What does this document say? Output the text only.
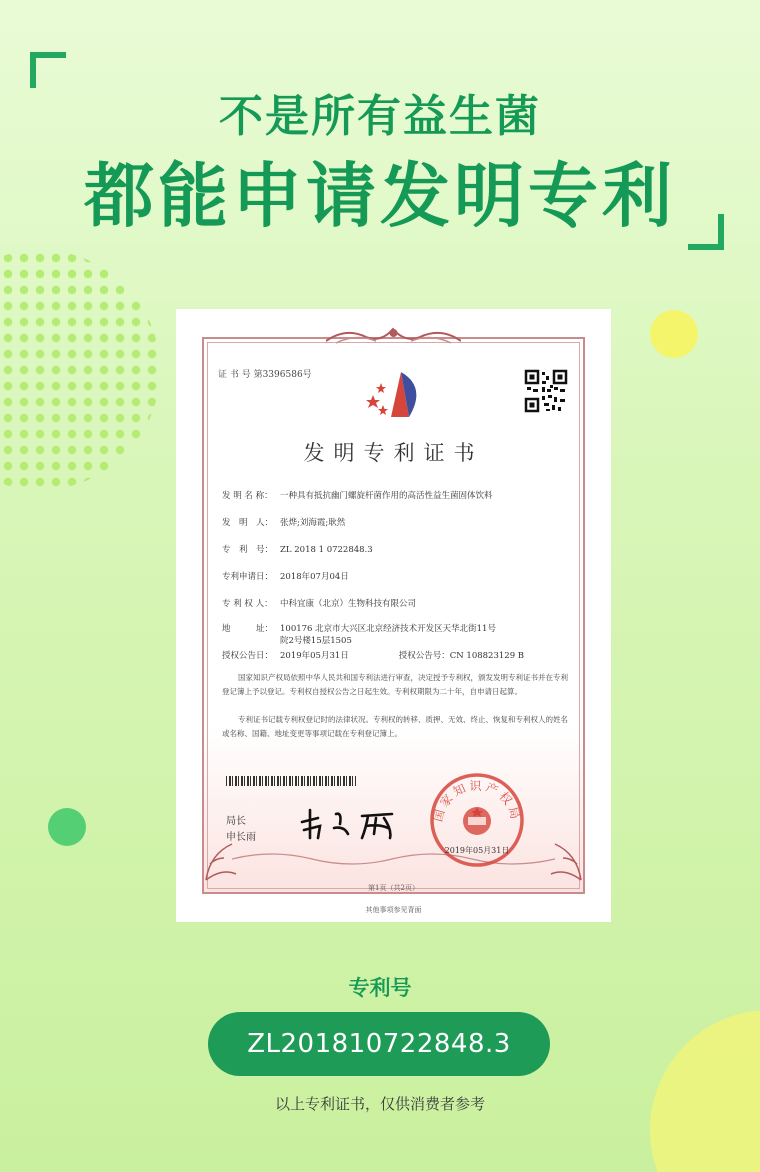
不是所有益生菌
都能申请发明专利
证 书 号 第3396586号
发明专利证书
发 明 名 称： 一种具有抵抗幽门螺旋杆菌作用的高活性益生菌固体饮料
发　明　人： 张烨;刘海霞;耿然
专　利　号： ZL 2018 1 0722848.3
专利申请日： 2018年07月04日
专 利 权 人： 中科宜康（北京）生物科技有限公司
地　　　址： 100176 北京市大兴区北京经济技术开发区天华北街11号
院2号楼15层1505
授权公告日： 2019年05月31日	授权公告号：CN 108823129 B
国家知识产权局依照中华人民共和国专利法进行审查，决定授予专利权，颁发发明专利证书并在专利登记簿上予以登记。专利权自授权公告之日起生效。专利权期限为二十年，自申请日起算。
专利证书记载专利权登记时的法律状况。专利权的转移、质押、无效、终止、恢复和专利权人的姓名或名称、国籍、地址变更等事项记载在专利登记簿上。
局长
申长雨
国家知识产权局
2019年05月31日
第1页（共2页）
其他事项参见背面
专利号
ZL201810722848.3
以上专利证书，仅供消费者参考
